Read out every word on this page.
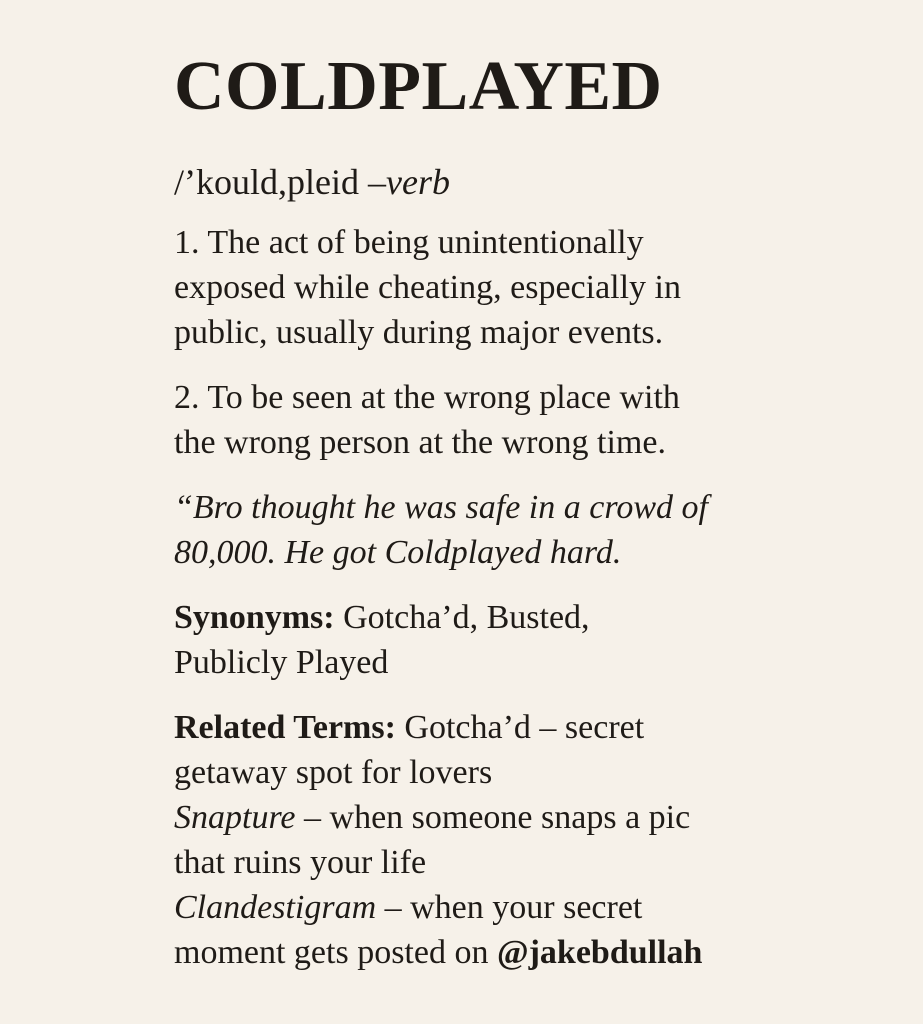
COLDPLAYED
/’kould,pleid –verb

1. The act of being unintentionally
exposed while cheating, especially in
public, usually during major events.

2. To be seen at the wrong place with
the wrong person at the wrong time.

“Bro thought he was safe in a crowd of
80,000. He got Coldplayed hard.

Synonyms: Gotcha’d, Busted,
Publicly Played

Related Terms: Gotcha’d – secret
getaway spot for lovers
Snapture – when someone snaps a pic
that ruins your life
Clandestigram – when your secret
moment gets posted on @jakebdullah
